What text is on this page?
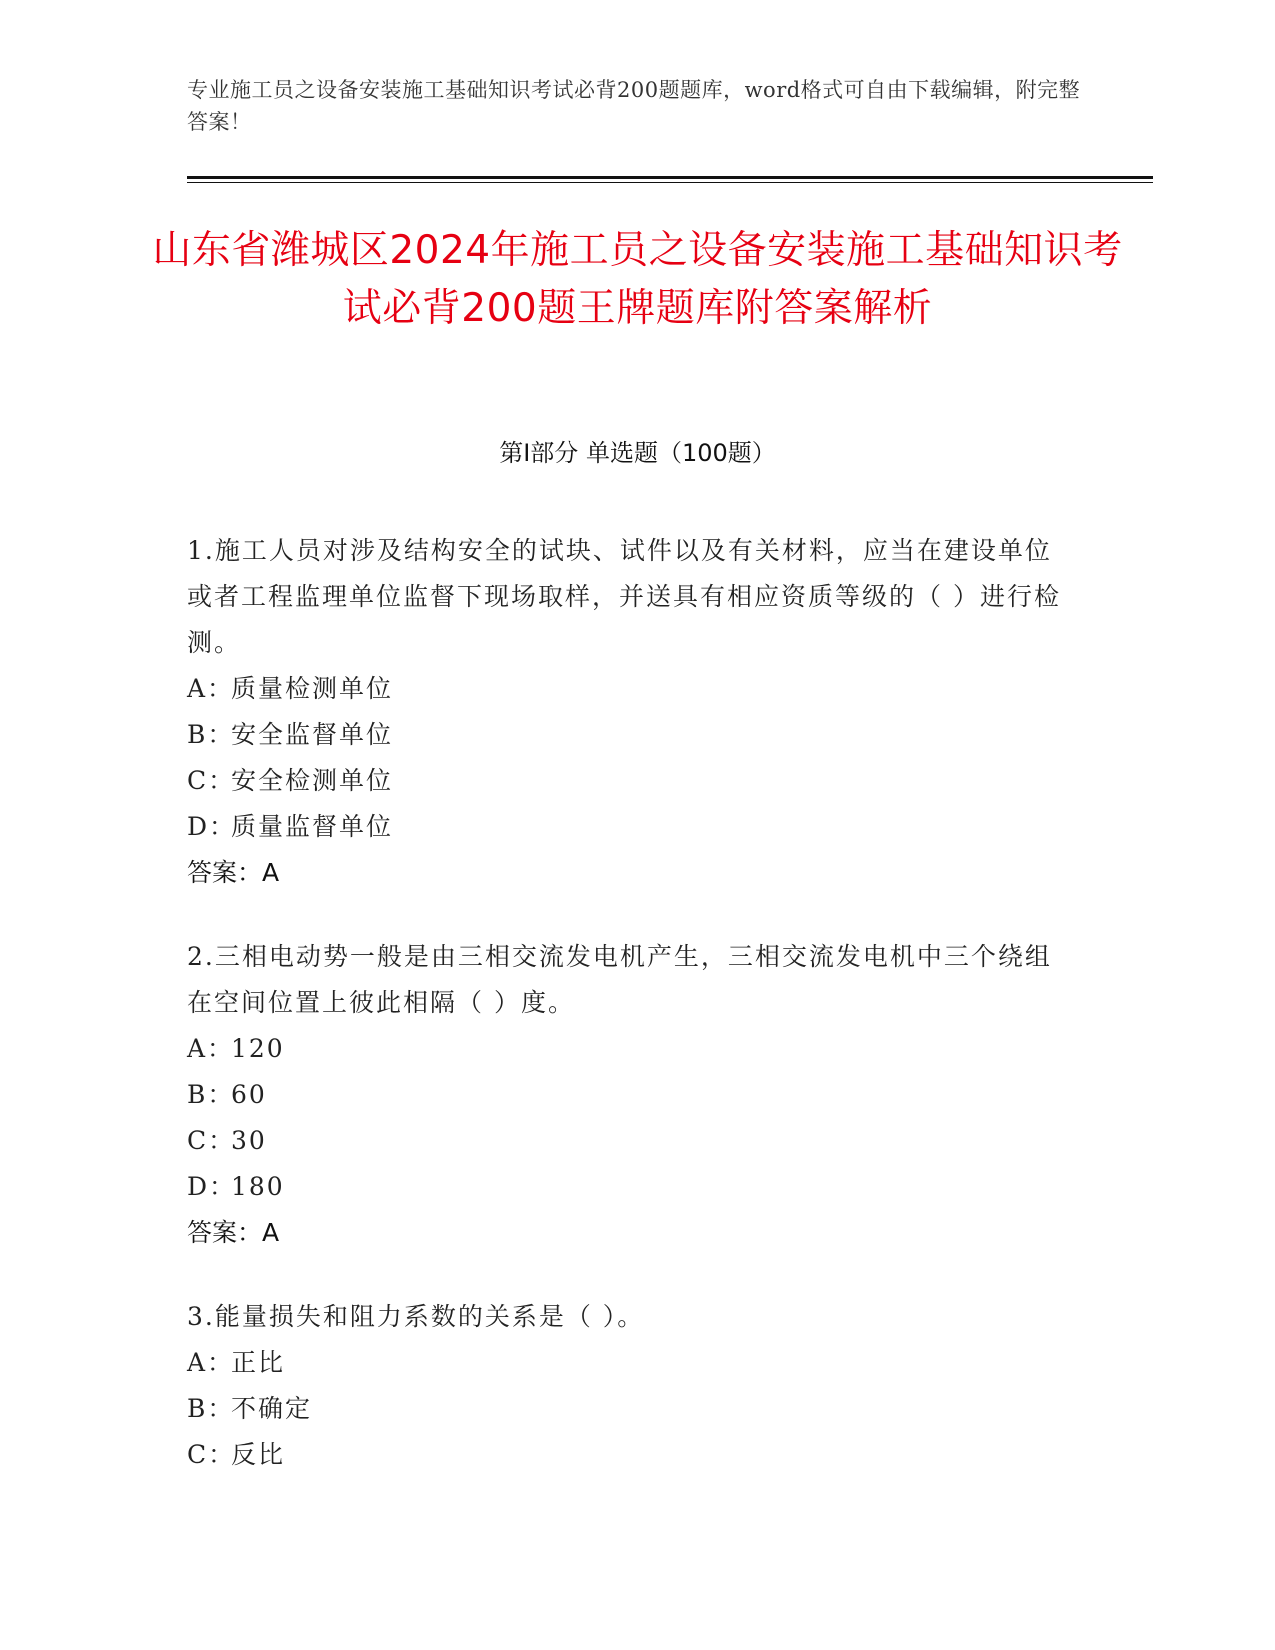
专业施工员之设备安装施工基础知识考试必背200题题库，word格式可自由下载编辑，附完整答案！
山东省潍城区2024年施工员之设备安装施工基础知识考试必背200题王牌题库附答案解析
第I部分 单选题（100题）

1.施工人员对涉及结构安全的试块、试件以及有关材料，应当在建设单位或者工程监理单位监督下现场取样，并送具有相应资质等级的（ ）进行检测。

A：质量检测单位

B：安全监督单位

C：安全检测单位

D：质量监督单位

答案：A

2.三相电动势一般是由三相交流发电机产生，三相交流发电机中三个绕组在空间位置上彼此相隔（ ）度。

A：120

B：60

C：30

D：180

答案：A

3.能量损失和阻力系数的关系是（ ）。

A：正比

B：不确定

C：反比
